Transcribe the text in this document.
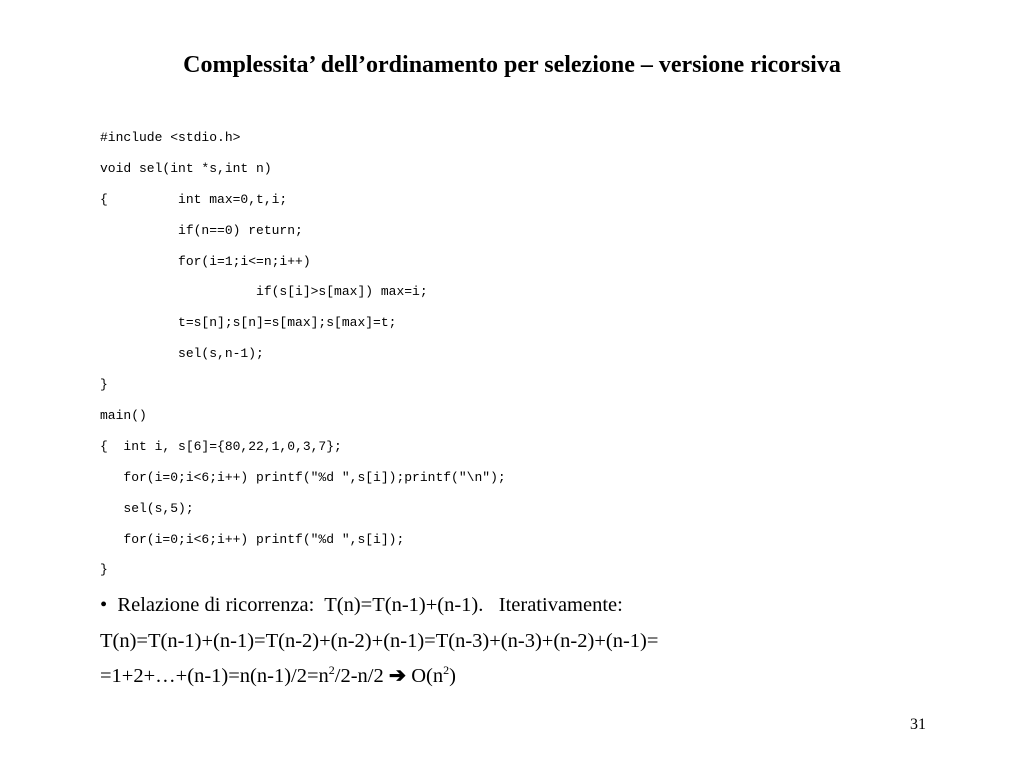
Complessita’ dell’ordinamento per selezione – versione ricorsiva
#include <stdio.h>
void sel(int *s,int n)
{         int max=0,t,i;
if(n==0) return;
for(i=1;i<=n;i++)
if(s[i]>s[max]) max=i;
t=s[n];s[n]=s[max];s[max]=t;
sel(s,n-1);
}
main()
{  int i, s[6]={80,22,1,0,3,7};
for(i=0;i<6;i++) printf("%d ",s[i]);printf("\n");
sel(s,5);
for(i=0;i<6;i++) printf("%d ",s[i]);
}
•  Relazione di ricorrenza:  T(n)=T(n-1)+(n-1).   Iterativamente:
T(n)=T(n-1)+(n-1)=T(n-2)+(n-2)+(n-1)=T(n-3)+(n-3)+(n-2)+(n-1)=
$=1+2+\dots+(n-1)=n(n-1)/2=n^2/2-n/2$ ➔ $O(n^2)$
31
